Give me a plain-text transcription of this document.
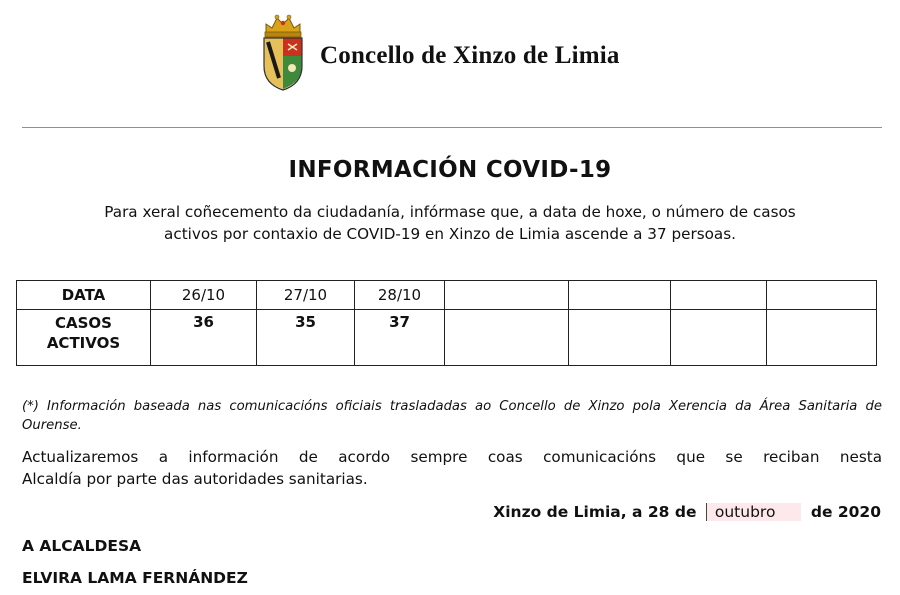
Concello de Xinzo de Limia
INFORMACIÓN COVID-19
Para xeral coñecemento da ciudadanía, infórmase que, a data de hoxe, o número de casos
activos por contaxio de COVID-19 en Xinzo de Limia ascende a 37 persoas.
DATA	26/10	27/10	28/10				

CASOS
ACTIVOS	36	35	37				

(*) Información baseada nas comunicacións oficiais trasladadas ao Concello de Xinzo pola Xerencia da Área Sanitaria de Ourense.
Actualizaremos a información de acordo sempre coas comunicacións que se reciban nesta
Alcaldía por parte das autoridades sanitarias.
Xinzo de Limia, a 28 de outubro de 2020
A ALCALDESA
ELVIRA LAMA FERNÁNDEZ
